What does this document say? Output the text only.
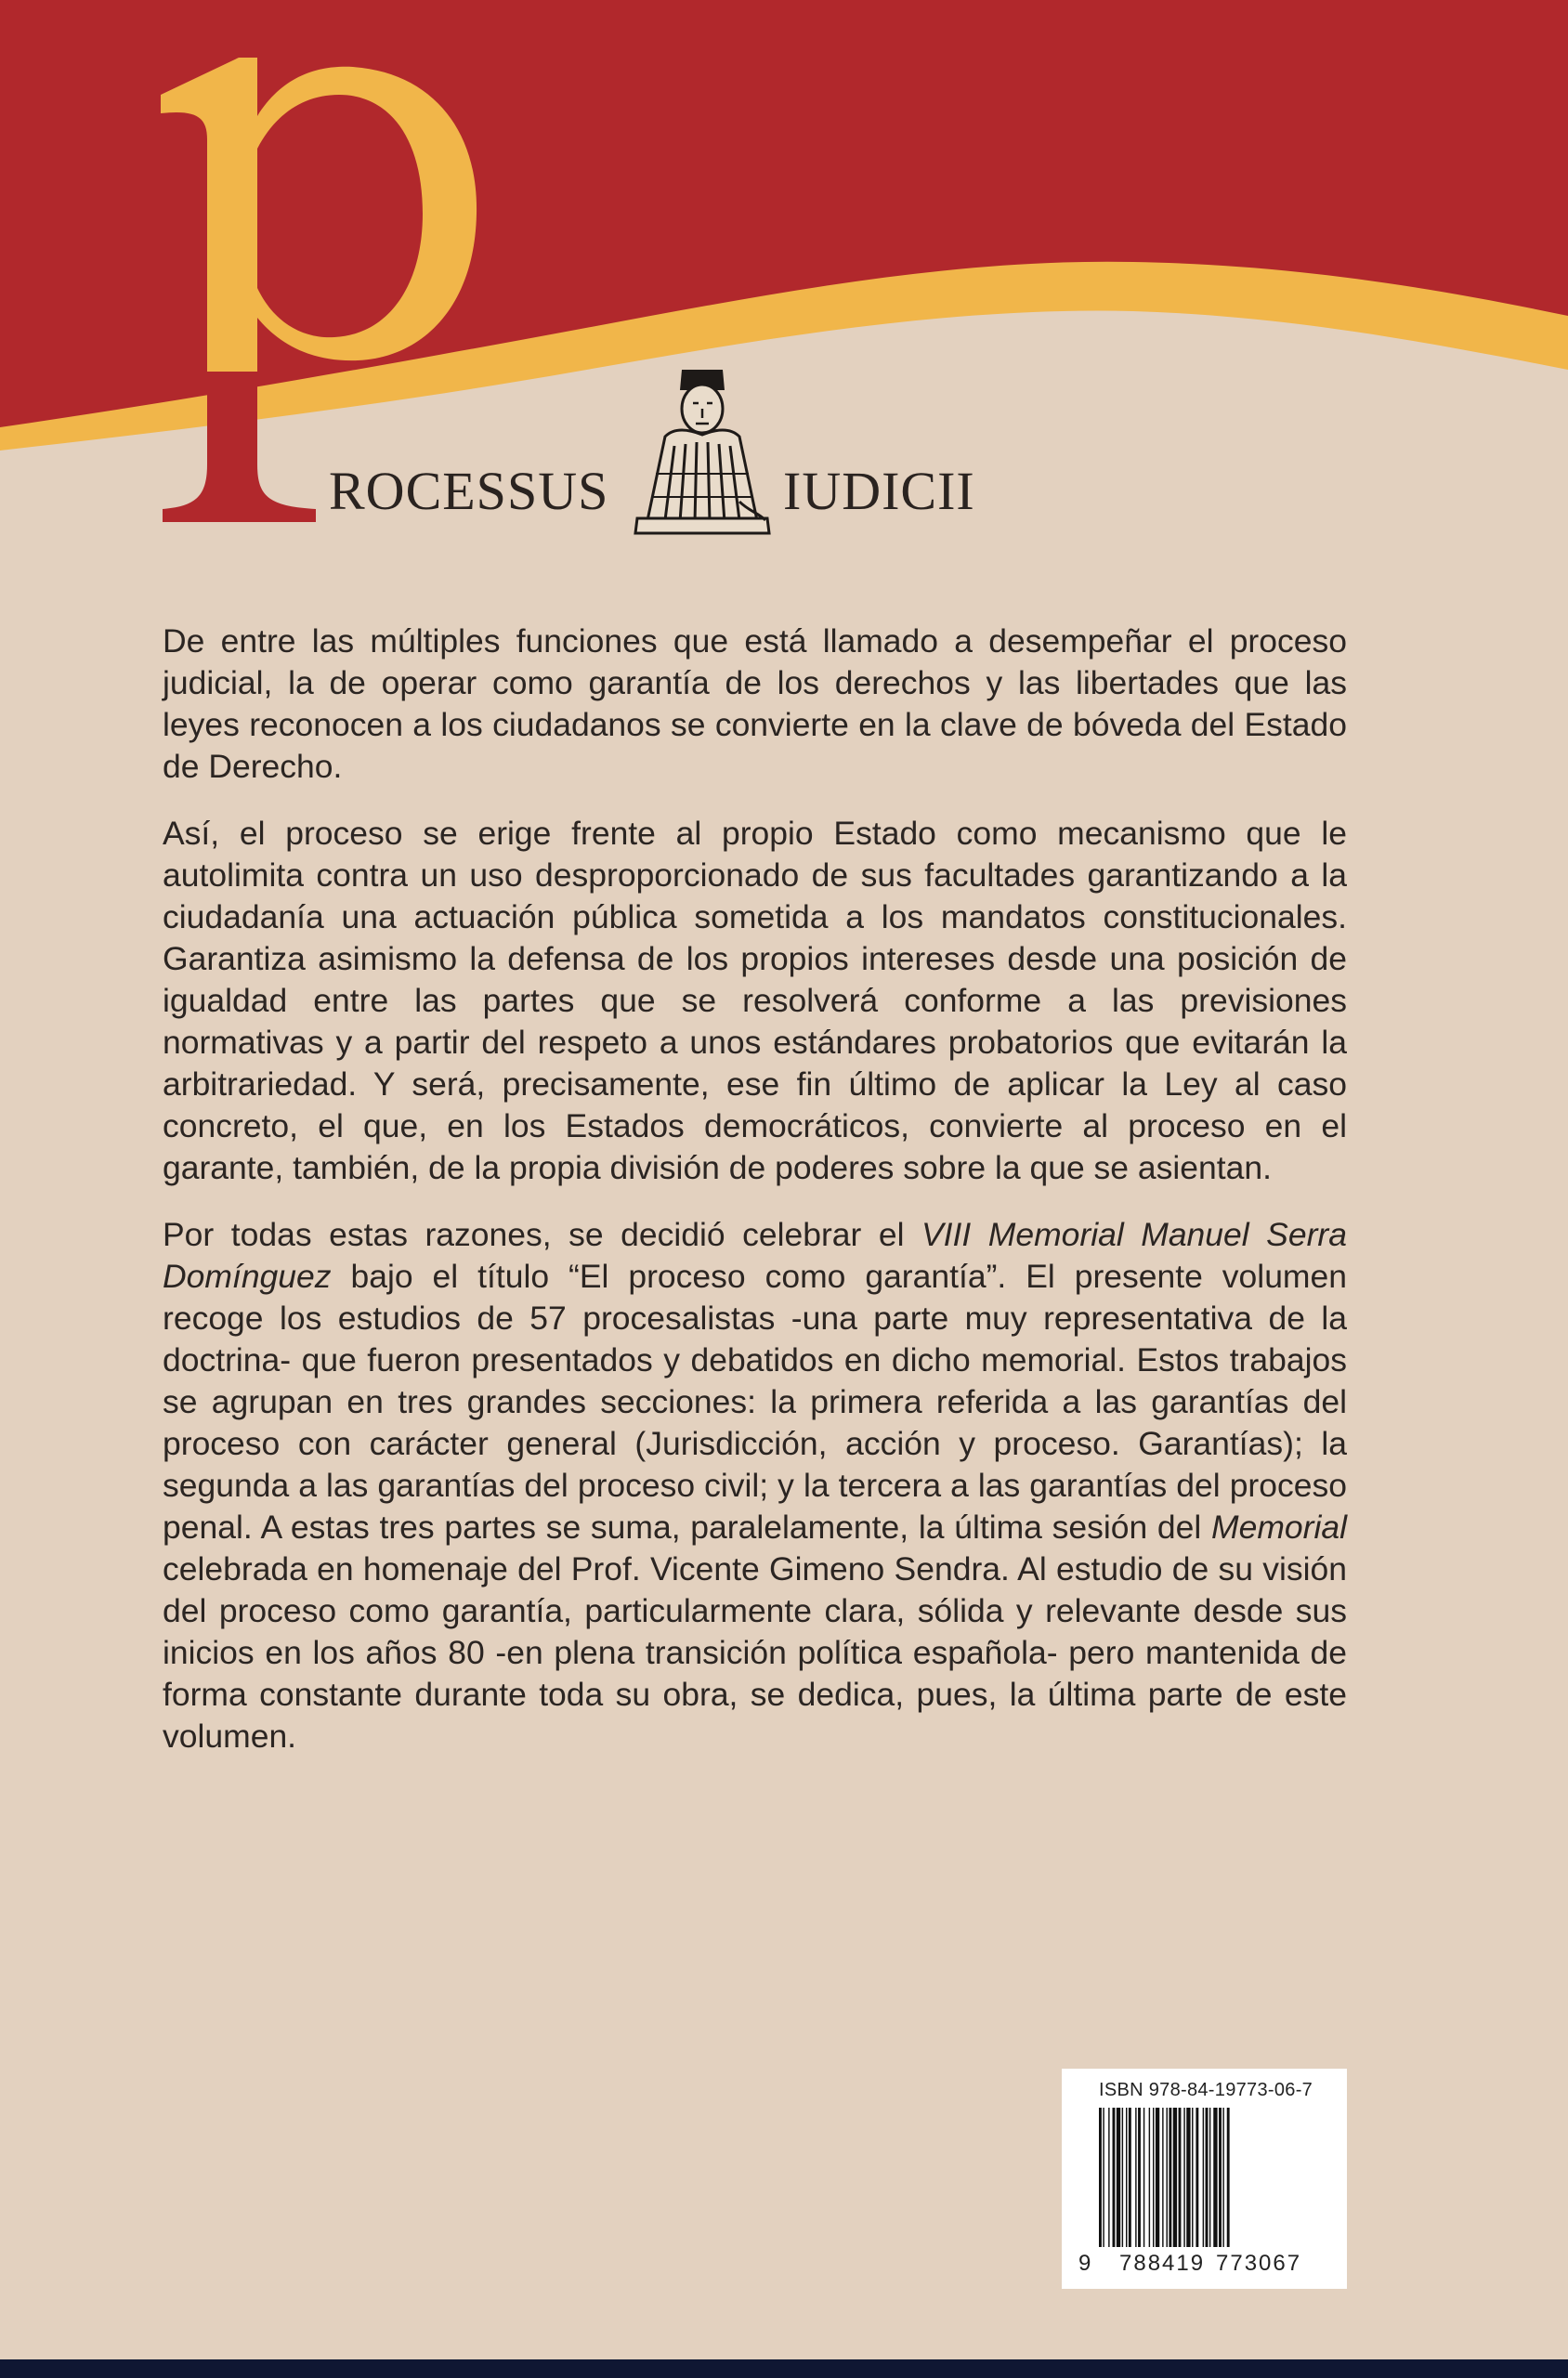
ROCESSUS	IUDICII

De entre las múltiples funciones que está llamado a desempeñar el proceso judicial, la de operar como garantía de los derechos y las libertades que las leyes reconocen a los ciudadanos se convierte en la clave de bóveda del Estado de Derecho.

Así, el proceso se erige frente al propio Estado como mecanismo que le autolimita contra un uso desproporcionado de sus facultades garantizando a la ciudadanía una actuación pública sometida a los mandatos constitucionales. Garantiza asimismo la defensa de los propios intereses desde una posición de igualdad entre las partes que se resolverá conforme a las previsiones normativas y a partir del respeto a unos estándares probatorios que evitarán la arbitrariedad. Y será, precisamente, ese fin último de aplicar la Ley al caso concreto, el que, en los Estados democráticos, convierte al proceso en el garante, también, de la propia división de poderes sobre la que se asientan.

Por todas estas razones, se decidió celebrar el VIII Memorial Manuel Serra Domínguez bajo el título “El proceso como garantía”. El presente volumen recoge los estudios de 57 procesalistas -una parte muy representativa de la doctrina- que fueron presentados y debatidos en dicho memorial. Estos trabajos se agrupan en tres grandes secciones: la primera referida a las garantías del proceso con carácter general (Jurisdicción, acción y proceso. Garantías); la segunda a las garantías del proceso civil; y la tercera a las garantías del proceso penal. A estas tres partes se suma, paralelamente, la última sesión del Memorial celebrada en homenaje del Prof. Vicente Gimeno Sendra. Al estudio de su visión del proceso como garantía, particularmente clara, sólida y relevante desde sus inicios en los años 80 -en plena transición política española- pero mantenida de forma constante durante toda su obra, se dedica, pues, la última parte de este volumen.

ISBN 978-84-19773-06-7
9 788419 773067
